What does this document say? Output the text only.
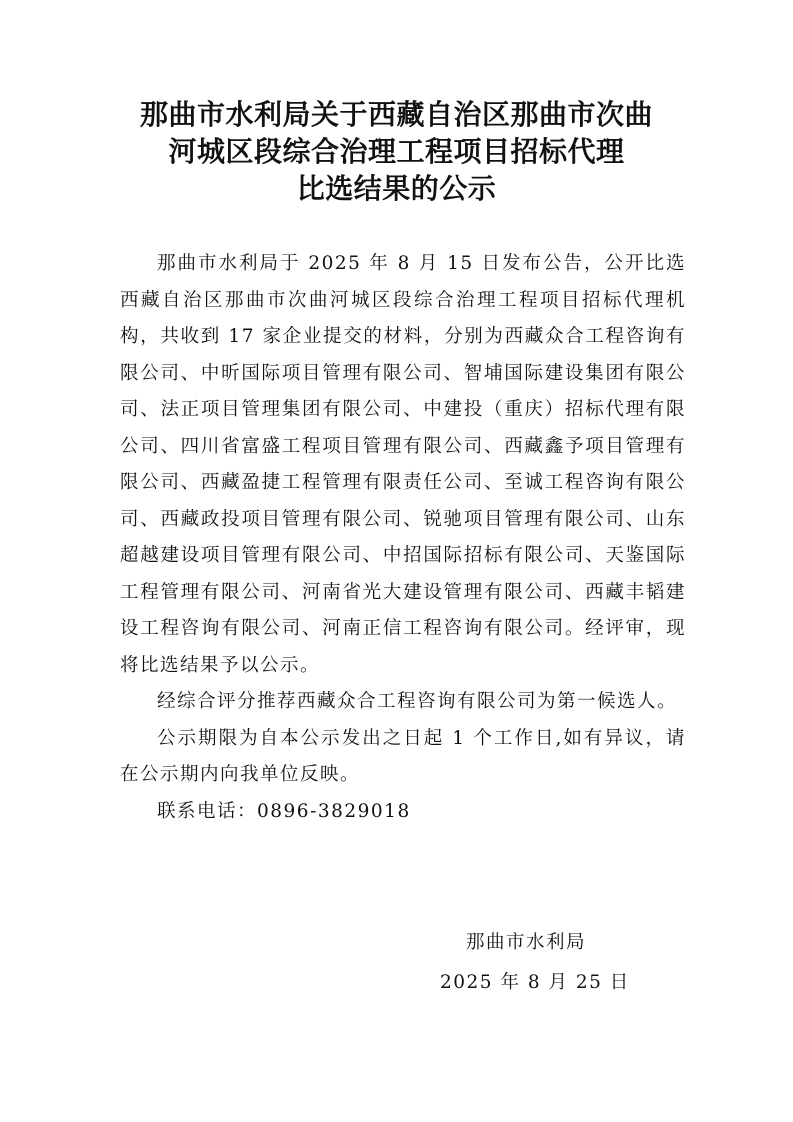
那曲市水利局关于西藏自治区那曲市次曲
河城区段综合治理工程项目招标代理
比选结果的公示

那曲市水利局于 2025 年 8 月 15 日发布公告，公开比选西藏自治区那曲市次曲河城区段综合治理工程项目招标代理机构，共收到 17 家企业提交的材料，分别为西藏众合工程咨询有限公司、中昕国际项目管理有限公司、智埔国际建设集团有限公司、法正项目管理集团有限公司、中建投（重庆）招标代理有限公司、四川省富盛工程项目管理有限公司、西藏鑫予项目管理有限公司、西藏盈捷工程管理有限责任公司、至诚工程咨询有限公司、西藏政投项目管理有限公司、锐驰项目管理有限公司、山东超越建设项目管理有限公司、中招国际招标有限公司、天鉴国际工程管理有限公司、河南省光大建设管理有限公司、西藏丰韬建设工程咨询有限公司、河南正信工程咨询有限公司。经评审，现将比选结果予以公示。

经综合评分推荐西藏众合工程咨询有限公司为第一候选人。

公示期限为自本公示发出之日起 1 个工作日,如有异议，请在公示期内向我单位反映。

联系电话：0896-3829018

那曲市水利局
2025 年 8 月 25 日
